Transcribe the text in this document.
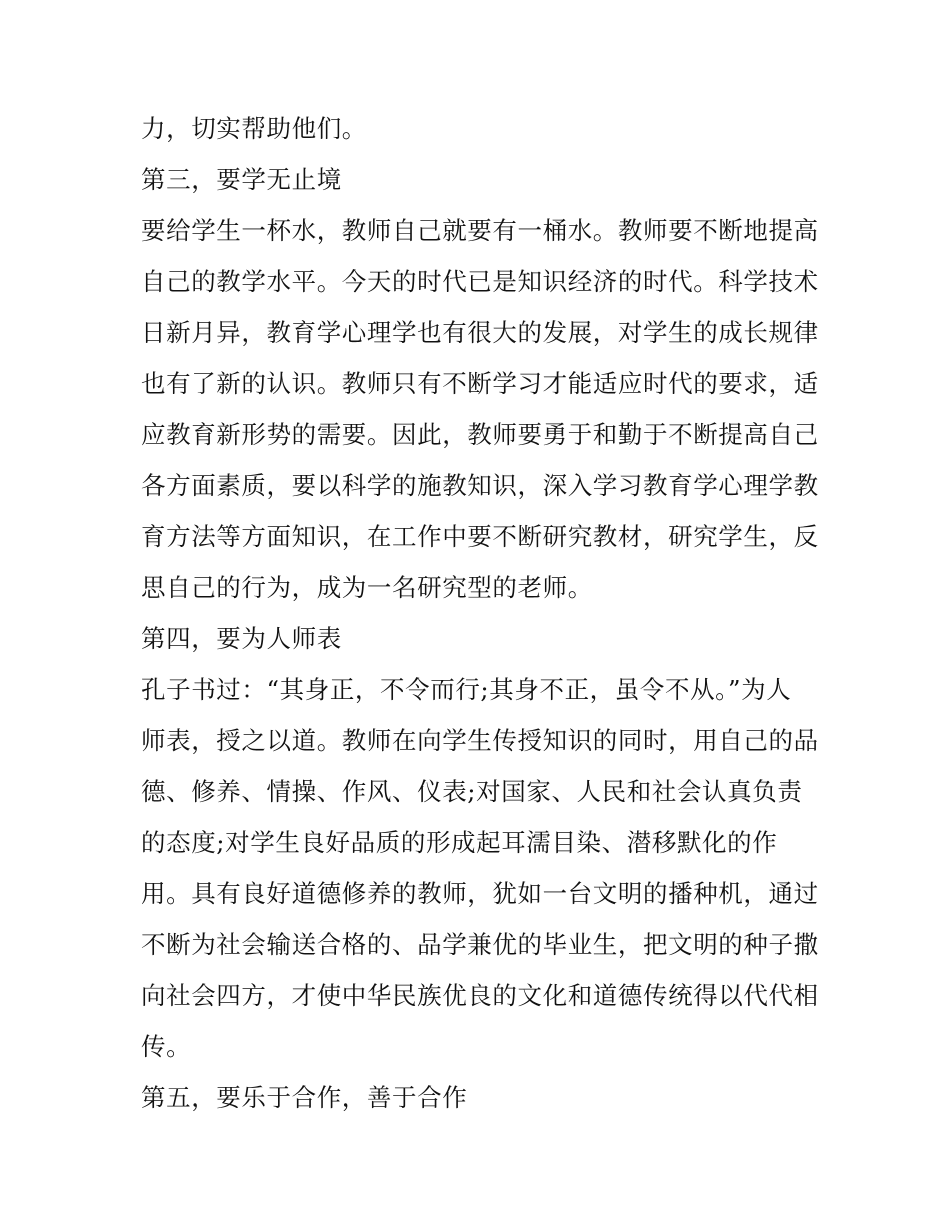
力，切实帮助他们。
第三，要学无止境
要给学生一杯水，教师自己就要有一桶水。教师要不断地提高
自己的教学水平。今天的时代已是知识经济的时代。科学技术
日新月异，教育学心理学也有很大的发展，对学生的成长规律
也有了新的认识。教师只有不断学习才能适应时代的要求，适
应教育新形势的需要。因此，教师要勇于和勤于不断提高自己
各方面素质，要以科学的施教知识，深入学习教育学心理学教
育方法等方面知识，在工作中要不断研究教材，研究学生，反
思自己的行为，成为一名研究型的老师。
第四，要为人师表
孔子书过：“其身正，不令而行;其身不正，虽令不从。”为人
师表，授之以道。教师在向学生传授知识的同时，用自己的品
德、修养、情操、作风、仪表;对国家、人民和社会认真负责
的态度;对学生良好品质的形成起耳濡目染、潜移默化的作
用。具有良好道德修养的教师，犹如一台文明的播种机，通过
不断为社会输送合格的、品学兼优的毕业生，把文明的种子撒
向社会四方，才使中华民族优良的文化和道德传统得以代代相
传。
第五，要乐于合作，善于合作
